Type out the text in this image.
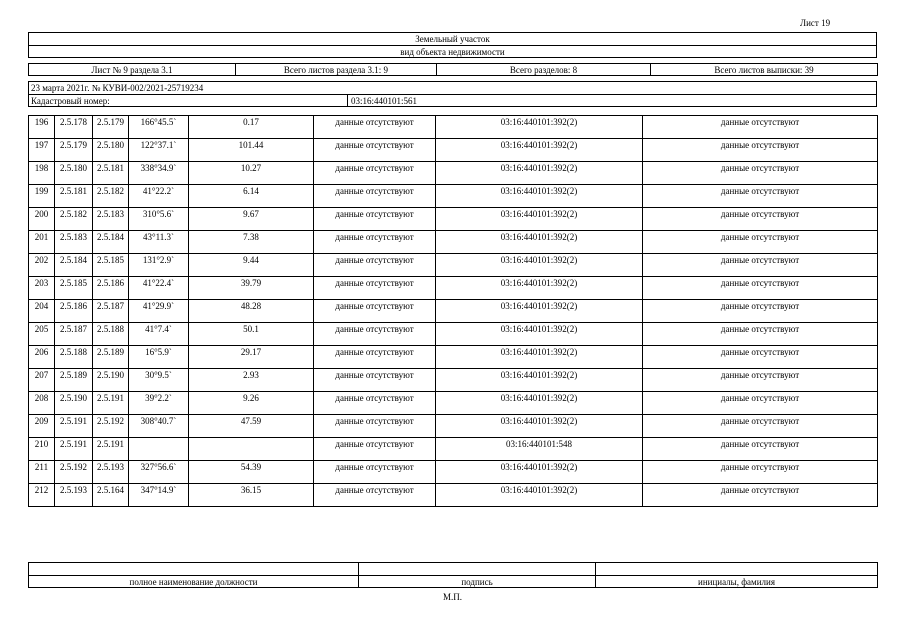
Лист 19
Земельный участок
вид объекта недвижимости
Лист № 9 раздела 3.1	Всего листов раздела 3.1: 9	Всего разделов: 8	Всего листов выписки: 39
23 марта 2021г. № КУВИ-002/2021-25719234
Кадастровый номер:	03:16:440101:561
196	2.5.178	2.5.179	166°45.5`	0.17	данные отсутствуют	03:16:440101:392(2)	данные отсутствуют

197	2.5.179	2.5.180	122°37.1`	101.44	данные отсутствуют	03:16:440101:392(2)	данные отсутствуют

198	2.5.180	2.5.181	338°34.9`	10.27	данные отсутствуют	03:16:440101:392(2)	данные отсутствуют

199	2.5.181	2.5.182	41°22.2`	6.14	данные отсутствуют	03:16:440101:392(2)	данные отсутствуют

200	2.5.182	2.5.183	310°5.6`	9.67	данные отсутствуют	03:16:440101:392(2)	данные отсутствуют

201	2.5.183	2.5.184	43°11.3`	7.38	данные отсутствуют	03:16:440101:392(2)	данные отсутствуют

202	2.5.184	2.5.185	131°2.9`	9.44	данные отсутствуют	03:16:440101:392(2)	данные отсутствуют

203	2.5.185	2.5.186	41°22.4`	39.79	данные отсутствуют	03:16:440101:392(2)	данные отсутствуют

204	2.5.186	2.5.187	41°29.9`	48.28	данные отсутствуют	03:16:440101:392(2)	данные отсутствуют

205	2.5.187	2.5.188	41°7.4`	50.1	данные отсутствуют	03:16:440101:392(2)	данные отсутствуют

206	2.5.188	2.5.189	16°5.9`	29.17	данные отсутствуют	03:16:440101:392(2)	данные отсутствуют

207	2.5.189	2.5.190	30°9.5`	2.93	данные отсутствуют	03:16:440101:392(2)	данные отсутствуют

208	2.5.190	2.5.191	39°2.2`	9.26	данные отсутствуют	03:16:440101:392(2)	данные отсутствуют

209	2.5.191	2.5.192	308°40.7`	47.59	данные отсутствуют	03:16:440101:392(2)	данные отсутствуют

210	2.5.191	2.5.191			данные отсутствуют	03:16:440101:548	данные отсутствуют

211	2.5.192	2.5.193	327°56.6`	54.39	данные отсутствуют	03:16:440101:392(2)	данные отсутствуют

212	2.5.193	2.5.164	347°14.9`	36.15	данные отсутствуют	03:16:440101:392(2)	данные отсутствуют

полное наименование должности	подпись	инициалы, фамилия
М.П.
